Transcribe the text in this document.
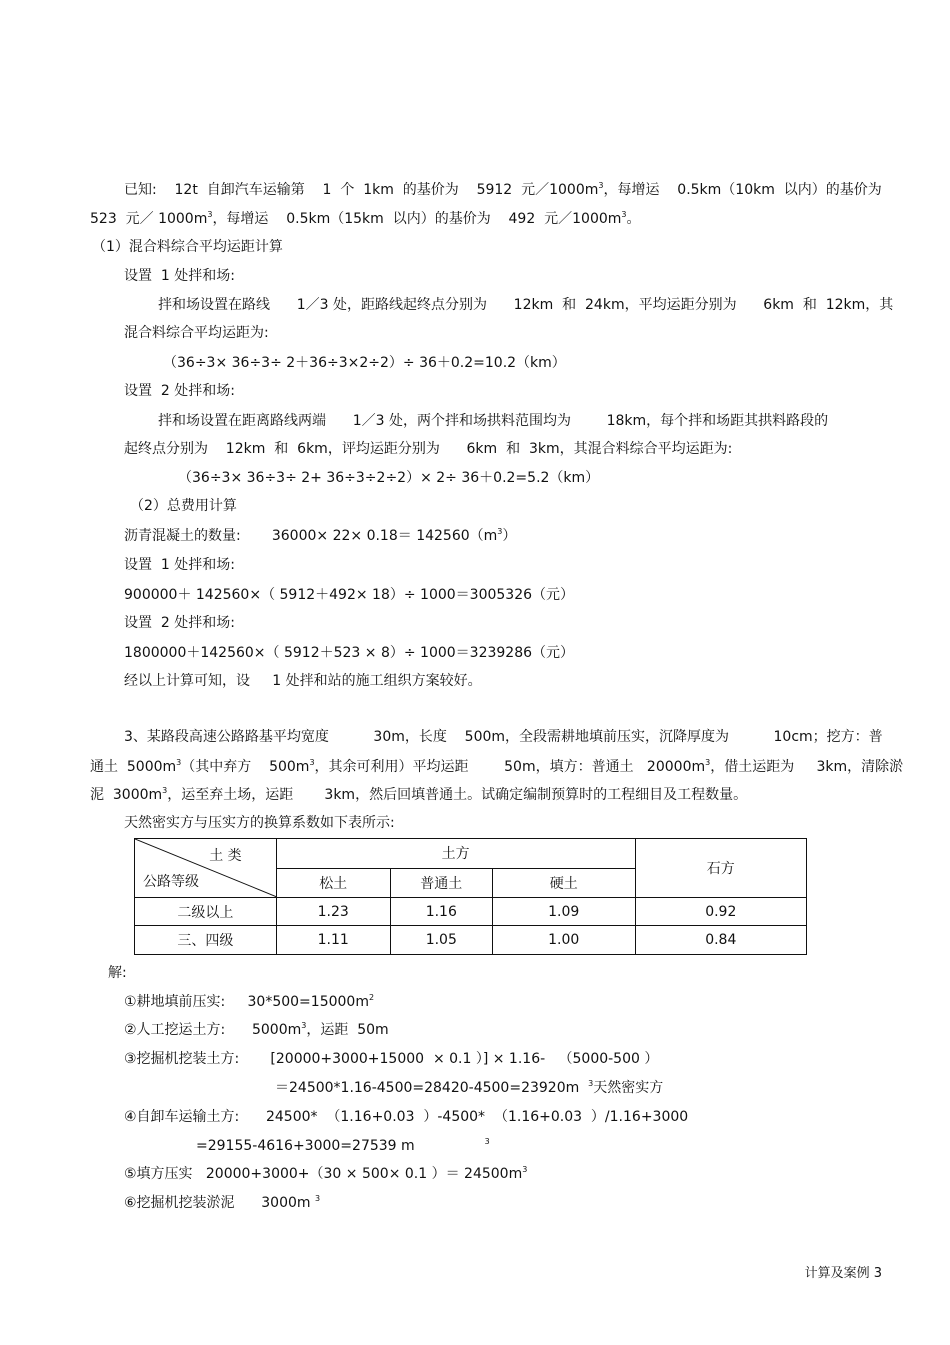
已知:    12t  自卸汽车运输第    1  个  1km  的基价为    5912  元$/1000m^3$，每增运    0.5km（10km  以内）的基价为
523  元／ $1000m^3$，每增运    0.5km（15km  以内）的基价为    492  元$/1000m^3$。
（1）混合料综合平均运距计算
设置  1 处拌和场:
拌和场设置在路线      1／3 处，距路线起终点分别为      12km  和  24km，平均运距分别为      6km  和  12km，其
混合料综合平均运距为:
（36÷3× 36÷3÷ 2＋36÷3×2÷2）÷ 36＋0.2=10.2（km）
设置  2 处拌和场:
拌和场设置在距离路线两端      1／3 处，两个拌和场拱料范围均为        18km，每个拌和场距其拱料路段的
起终点分别为    12km  和  6km，评均运距分别为      6km  和  3km，其混合料综合平均运距为:
（36÷3× 36÷3÷ 2+ 36÷3÷2÷2）× 2÷ 36＋0.2=5.2（km）
（2）总费用计算
沥青混凝土的数量:       $36000\times 22\times 0.18= 142560(m^3)$
设置  1 处拌和场:
900000＋ 142560×（ 5912＋492× 18）÷ 1000＝3005326（元）
设置  2 处拌和场:
1800000＋142560×（ 5912＋523 × 8）÷ 1000＝3239286（元）
经以上计算可知，设     1 处拌和站的施工组织方案较好。
3、某路段高速公路路基平均宽度          30m，长度    500m，全段需耕地填前压实，沉降厚度为          10cm；挖方：普
通土  $5000m^3$（其中弃方    $500m^3$，其余可利用）平均运距        50m，填方：普通土   $20000m^3$，借土运距为     3km，清除淤
泥  $3000m^3$，运至弃土场，运距       3km，然后回填普通土。试确定编制预算时的工程细目及工程数量。
天然密实方与压实方的换算系数如下表所示:
土 类
公路等级	土方			石方
	松土	普通土	硬土	
二级以上	1.23	1.16	1.09	0.92
三、四级	1.11	1.05	1.00	0.84
解:
①耕地填前压实:     $30*500=15000m^2$
②人工挖运土方:      $5000m^3$，运距  50m
③挖掘机挖装土方:       [20000+3000+15000  × 0.1 ）] × 1.16-   （5000-500 ）
＝24500*1.16-4500=28420-4500=23920m $^3$天然密实方
④自卸车运输土方:      24500*  （1.16+0.03  ）-4500*  （1.16+0.03  ）/1.16+3000
=29155-4616+3000=27539 m	$^3$
⑤填方压实   20000+3000+（30 × 500× 0.1 ）＝ $24500m^3$
⑥挖掘机挖装淤泥      3000m $^3$
计算及案例 3
